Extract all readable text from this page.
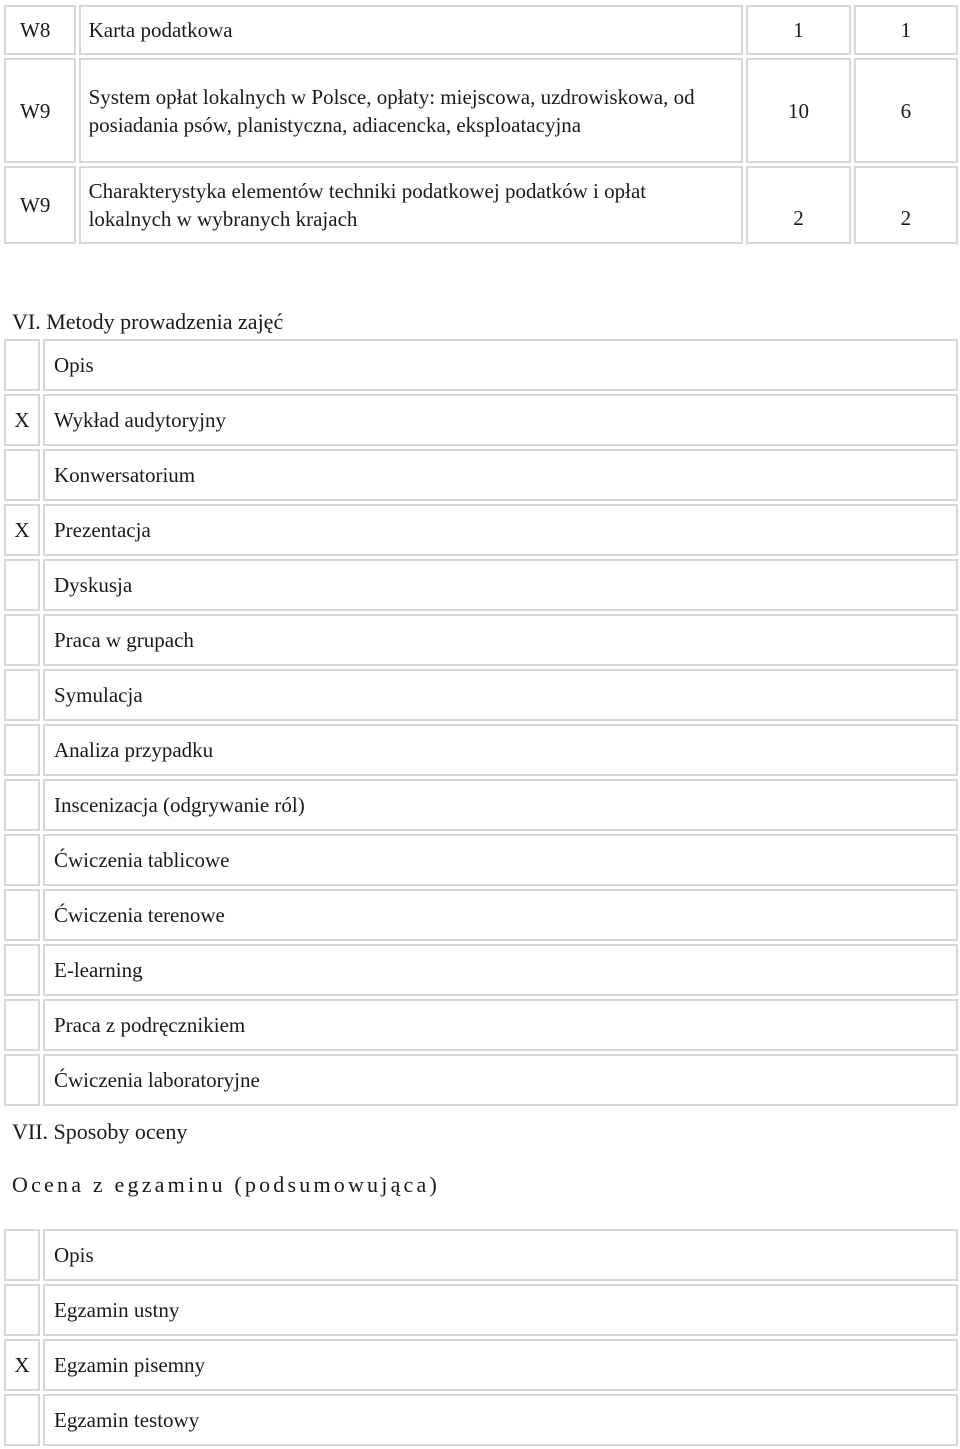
W8	Karta podatkowa	1	1
W9	System opłat lokalnych w Polsce, opłaty: miejscowa, uzdrowiskowa, od posiadania psów, planistyczna, adiacencka, eksploatacyjna	10	6
W9	Charakterystyka elementów techniki podatkowej podatków i opłat lokalnych w wybranych krajach	2	2
VI. Metody prowadzenia zajęć
	Opis
X	Wykład audytoryjny
	Konwersatorium
X	Prezentacja
	Dyskusja
	Praca w grupach
	Symulacja
	Analiza przypadku
	Inscenizacja (odgrywanie ról)
	Ćwiczenia tablicowe
	Ćwiczenia terenowe
	E-learning
	Praca z podręcznikiem
	Ćwiczenia laboratoryjne
VII. Sposoby oceny
Ocena z egzaminu (podsumowująca)
	Opis
	Egzamin ustny
X	Egzamin pisemny
	Egzamin testowy
